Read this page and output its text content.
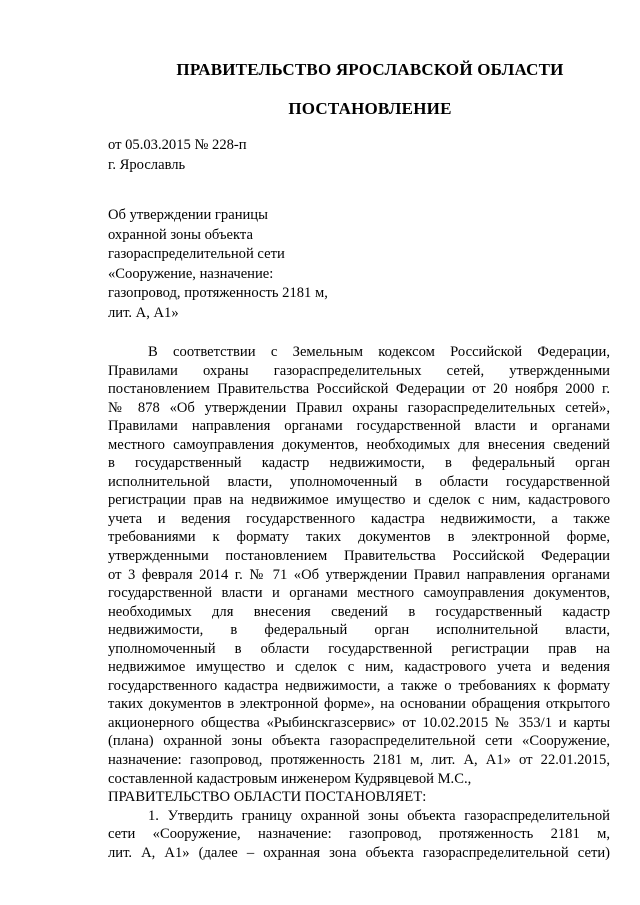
ПРАВИТЕЛЬСТВО ЯРОСЛАВСКОЙ ОБЛАСТИ
ПОСТАНОВЛЕНИЕ

от 05.03.2015 № 228-п

г. Ярославль

Об утверждении границы
охранной зоны объекта
газораспределительной сети
«Сооружение, назначение:
газопровод, протяженность 2181 м,
лит. А, А1»
В соответствии с Земельным кодексом Российской Федерации,
Правилами охраны газораспределительных сетей, утвержденными
постановлением Правительства Российской Федерации от 20 ноября 2000 г.
№ 878 «Об утверждении Правил охраны газораспределительных сетей»,
Правилами направления органами государственной власти и органами
местного самоуправления документов, необходимых для внесения сведений
в государственный кадастр недвижимости, в федеральный орган
исполнительной власти, уполномоченный в области государственной
регистрации прав на недвижимое имущество и сделок с ним, кадастрового
учета и ведения государственного кадастра недвижимости, а также
требованиями к формату таких документов в электронной форме,
утвержденными постановлением Правительства Российской Федерации
от 3 февраля 2014 г. № 71 «Об утверждении Правил направления органами
государственной власти и органами местного самоуправления документов,
необходимых для внесения сведений в государственный кадастр
недвижимости, в федеральный орган исполнительной власти,
уполномоченный в области государственной регистрации прав на
недвижимое имущество и сделок с ним, кадастрового учета и ведения
государственного кадастра недвижимости, а также о требованиях к формату
таких документов в электронной форме», на основании обращения открытого
акционерного общества «Рыбинскгазсервис» от 10.02.2015 № 353/1 и карты
(плана) охранной зоны объекта газораспределительной сети «Сооружение,
назначение: газопровод, протяженность 2181 м, лит. А, А1» от 22.01.2015,
составленной кадастровым инженером Кудрявцевой М.С.,

ПРАВИТЕЛЬСТВО ОБЛАСТИ ПОСТАНОВЛЯЕТ:

1. Утвердить границу охранной зоны объекта газораспределительной
сети «Сооружение, назначение: газопровод, протяженность 2181 м,
лит. А, А1» (далее – охранная зона объекта газораспределительной сети)
